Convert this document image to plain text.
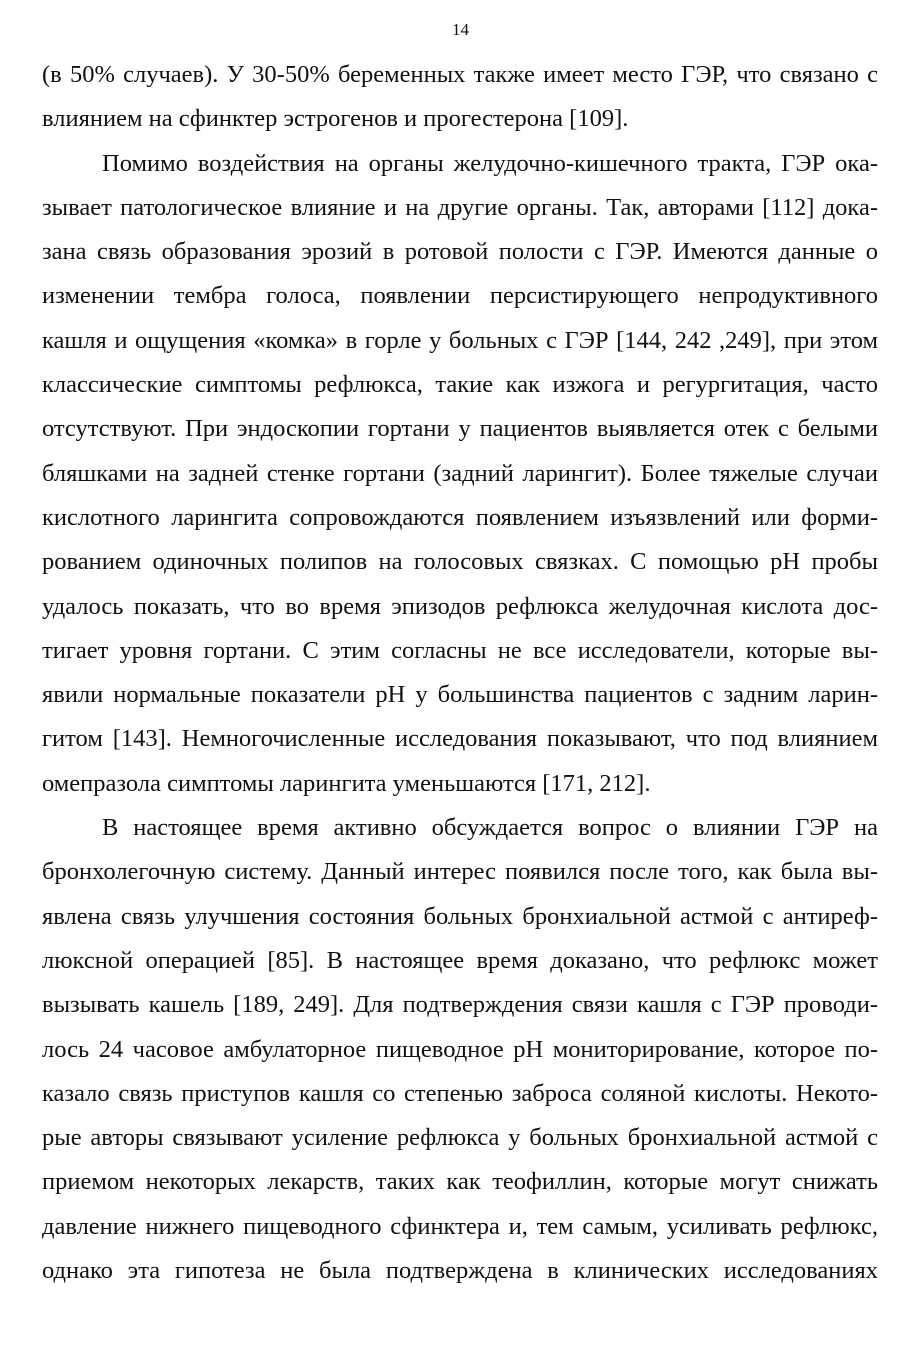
14
(в 50% случаев). У 30-50% беременных также имеет место ГЭР, что связано с
влиянием на сфинктер эстрогенов и прогестерона [109].
Помимо воздействия на органы желудочно-кишечного тракта, ГЭР ока-
зывает патологическое влияние и на другие органы. Так, авторами [112] дока-
зана связь образования эрозий в ротовой полости с ГЭР. Имеются данные о
изменении тембра голоса, появлении персистирующего непродуктивного
кашля и ощущения «комка» в горле у больных с ГЭР [144, 242 ,249], при этом
классические симптомы рефлюкса, такие как изжога и регургитация, часто
отсутствуют. При эндоскопии гортани у пациентов выявляется отек с белыми
бляшками на задней стенке гортани (задний ларингит). Более тяжелые случаи
кислотного ларингита сопровождаются появлением изъязвлений или форми-
рованием одиночных полипов на голосовых связках. С помощью pH пробы
удалось показать, что во время эпизодов рефлюкса желудочная кислота дос-
тигает уровня гортани. С этим согласны не все исследователи, которые вы-
явили нормальные показатели pH у большинства пациентов с задним ларин-
гитом [143]. Немногочисленные исследования показывают, что под влиянием
омепразола симптомы ларингита уменьшаются [171, 212].
В настоящее время активно обсуждается вопрос о влиянии ГЭР на
бронхолегочную систему. Данный интерес появился после того, как была вы-
явлена связь улучшения состояния больных бронхиальной астмой с антиреф-
люксной операцией [85]. В настоящее время доказано, что рефлюкс может
вызывать кашель [189, 249]. Для подтверждения связи кашля с ГЭР проводи-
лось 24 часовое амбулаторное пищеводное pH мониторирование, которое по-
казало связь приступов кашля со степенью заброса соляной кислоты. Некото-
рые авторы связывают усиление рефлюкса у больных бронхиальной астмой с
приемом некоторых лекарств, таких как теофиллин, которые могут снижать
давление нижнего пищеводного сфинктера и, тем самым, усиливать рефлюкс,
однако эта гипотеза не была подтверждена в клинических исследованиях
